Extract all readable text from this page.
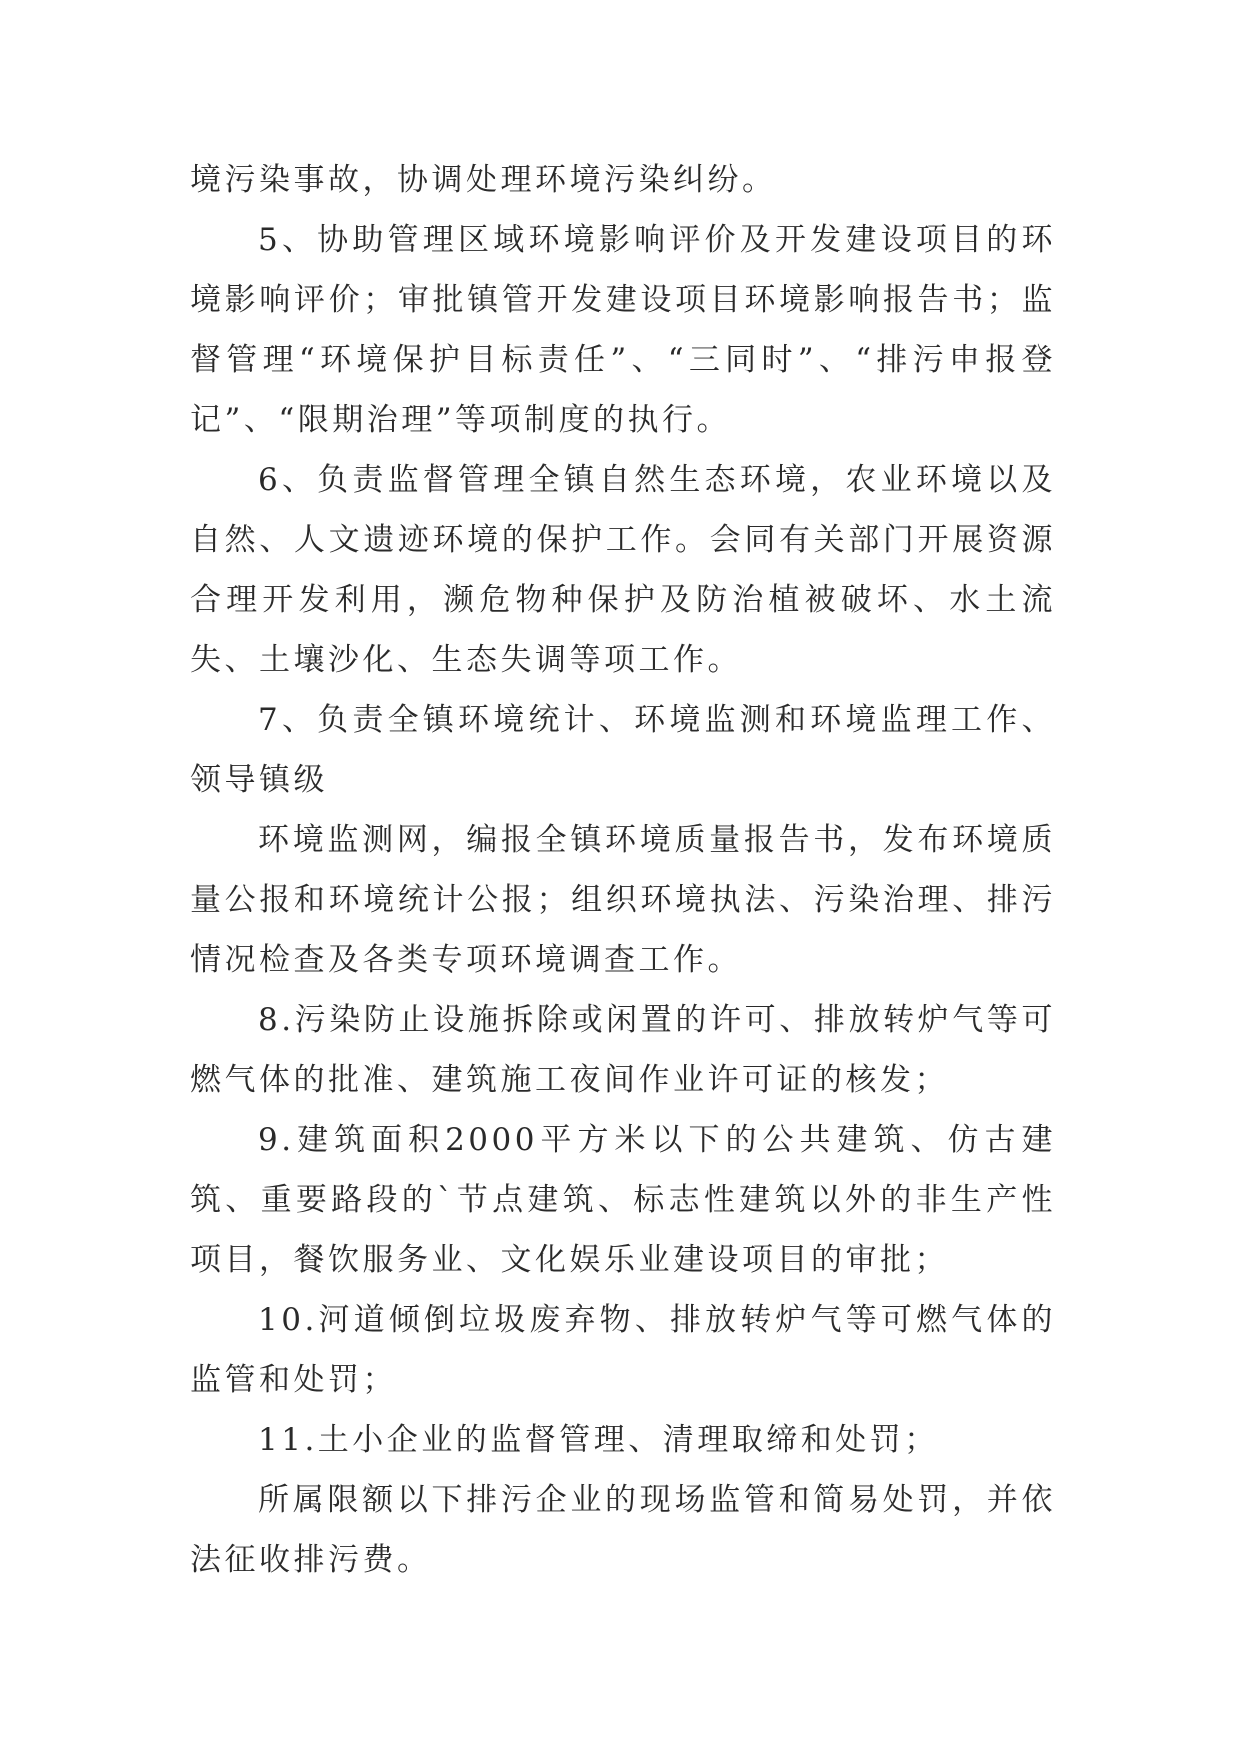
境污染事故，协调处理环境污染纠纷。

5、协助管理区域环境影响评价及开发建设项目的环境影响评价；审批镇管开发建设项目环境影响报告书；监督管理“环境保护目标责任”、“三同时”、“排污申报登记”、“限期治理”等项制度的执行。

6、负责监督管理全镇自然生态环境，农业环境以及自然、人文遗迹环境的保护工作。会同有关部门开展资源合理开发利用，濒危物种保护及防治植被破坏、水土流失、土壤沙化、生态失调等项工作。

7、负责全镇环境统计、环境监测和环境监理工作、领导镇级

环境监测网，编报全镇环境质量报告书，发布环境质量公报和环境统计公报；组织环境执法、污染治理、排污情况检查及各类专项环境调查工作。

8.污染防止设施拆除或闲置的许可、排放转炉气等可燃气体的批准、建筑施工夜间作业许可证的核发；

9.建筑面积2000平方米以下的公共建筑、仿古建筑、重要路段的`节点建筑、标志性建筑以外的非生产性项目，餐饮服务业、文化娱乐业建设项目的审批；

10.河道倾倒垃圾废弃物、排放转炉气等可燃气体的监管和处罚；

11.土小企业的监督管理、清理取缔和处罚；

所属限额以下排污企业的现场监管和简易处罚，并依法征收排污费。
